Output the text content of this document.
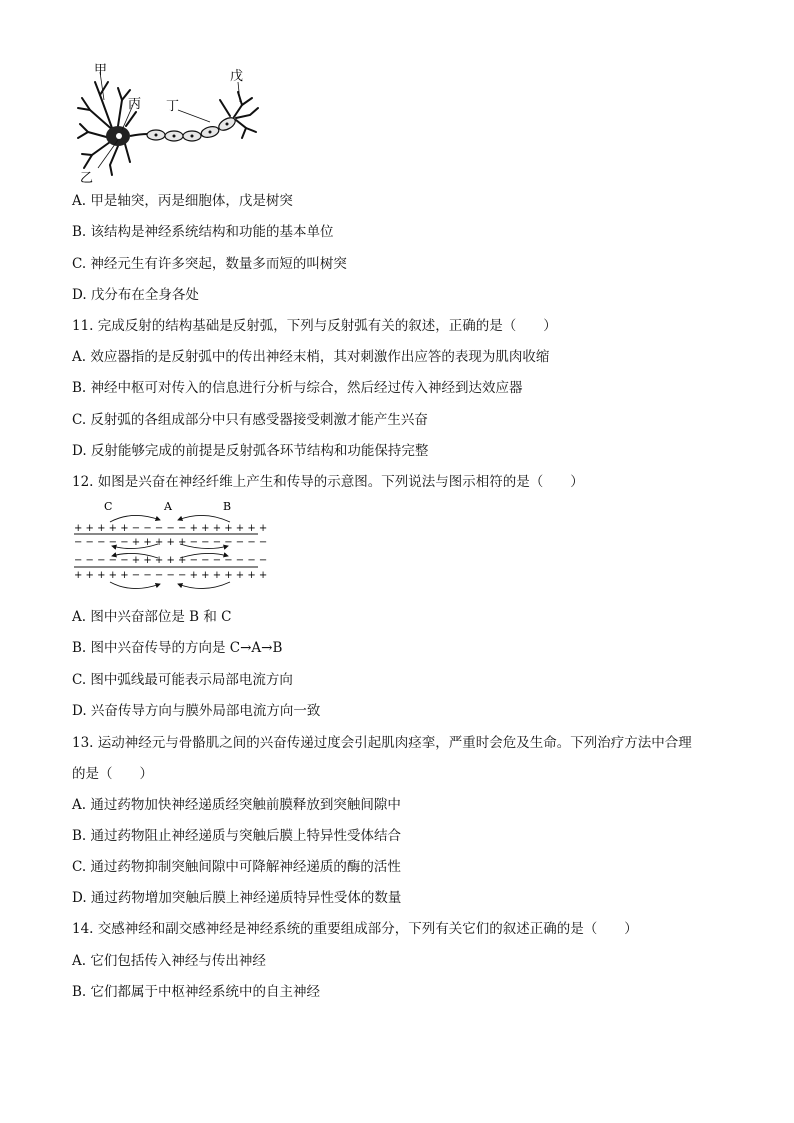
甲
乙
丙 丁
戊
A. 甲是轴突，丙是细胞体，戊是树突
B. 该结构是神经系统结构和功能的基本单位
C. 神经元生有许多突起，数量多而短的叫树突
D. 戊分布在全身各处
11. 完成反射的结构基础是反射弧，下列与反射弧有关的叙述，正确的是（　　）
A. 效应器指的是反射弧中的传出神经末梢，其对刺激作出应答的表现为肌肉收缩
B. 神经中枢可对传入的信息进行分析与综合，然后经过传入神经到达效应器
C. 反射弧的各组成部分中只有感受器接受刺激才能产生兴奋
D. 反射能够完成的前提是反射弧各环节结构和功能保持完整
12. 如图是兴奋在神经纤维上产生和传导的示意图。下列说法与图示相符的是（　　）
C	A	B
+ + + + + − − − − − + + + + + + +
− − − − − + + + + + − − − − − − −
− − − − − + + + + + − − − − − − −
+ + + + + − − − − − + + + + + + +
A. 图中兴奋部位是 B 和 C
B. 图中兴奋传导的方向是 C→A→B
C. 图中弧线最可能表示局部电流方向
D. 兴奋传导方向与膜外局部电流方向一致
13. 运动神经元与骨骼肌之间的兴奋传递过度会引起肌肉痉挛，严重时会危及生命。下列治疗方法中合理
的是（　　）
A. 通过药物加快神经递质经突触前膜释放到突触间隙中
B. 通过药物阻止神经递质与突触后膜上特异性受体结合
C. 通过药物抑制突触间隙中可降解神经递质的酶的活性
D. 通过药物增加突触后膜上神经递质特异性受体的数量
14. 交感神经和副交感神经是神经系统的重要组成部分，下列有关它们的叙述正确的是（　　）
A. 它们包括传入神经与传出神经
B. 它们都属于中枢神经系统中的自主神经
